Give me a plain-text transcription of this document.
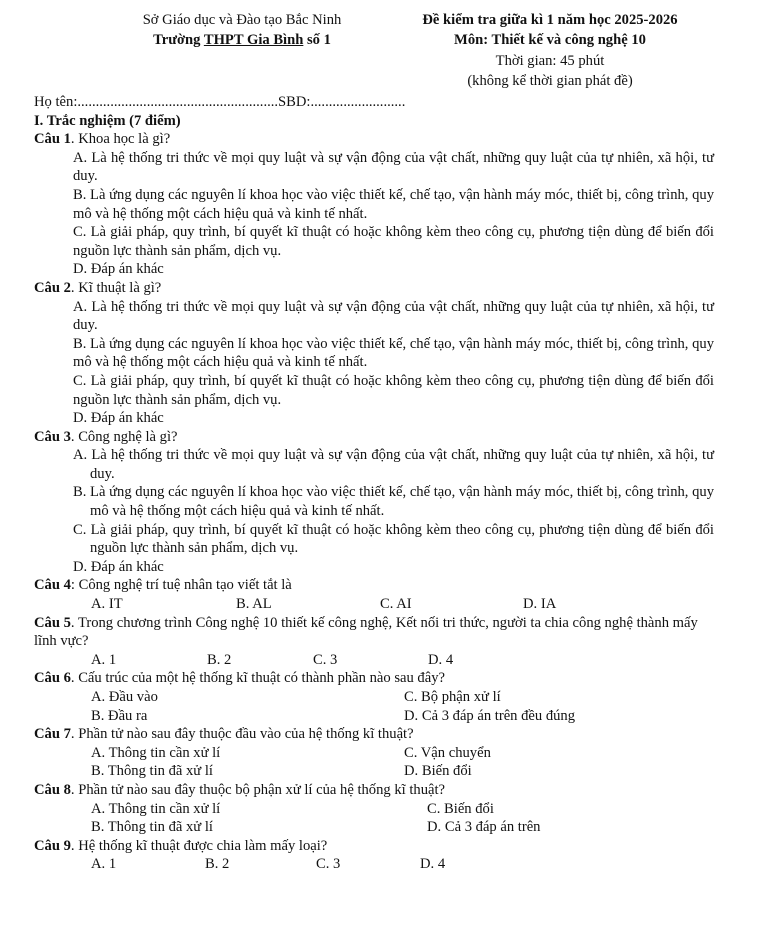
Sở Giáo dục và Đào tạo Bắc Ninh
Trường THPT Gia Bình số 1
Đề kiểm tra giữa kì 1 năm học 2025-2026
Môn: Thiết kế và công nghệ 10
Thời gian: 45 phút
(không kể thời gian phát đề)
Họ tên:.......................................................SBD:..........................
I. Trắc nghiệm (7 điểm)
Câu 1. Khoa học là gì?
A. Là hệ thống tri thức về mọi quy luật và sự vận động của vật chất, những quy luật của tự nhiên, xã hội, tư duy.
B. Là ứng dụng các nguyên lí khoa học vào việc thiết kế, chế tạo, vận hành máy móc, thiết bị, công trình, quy mô và hệ thống một cách hiệu quả và kinh tế nhất.
C. Là giải pháp, quy trình, bí quyết kĩ thuật có hoặc không kèm theo công cụ, phương tiện dùng để biến đổi nguồn lực thành sản phẩm, dịch vụ.
D. Đáp án khác
Câu 2. Kĩ thuật là gì?
A. Là hệ thống tri thức về mọi quy luật và sự vận động của vật chất, những quy luật của tự nhiên, xã hội, tư duy.
B. Là ứng dụng các nguyên lí khoa học vào việc thiết kế, chế tạo, vận hành máy móc, thiết bị, công trình, quy mô và hệ thống một cách hiệu quả và kinh tế nhất.
C. Là giải pháp, quy trình, bí quyết kĩ thuật có hoặc không kèm theo công cụ, phương tiện dùng để biến đổi nguồn lực thành sản phẩm, dịch vụ.
D. Đáp án khác
Câu 3. Công nghệ là gì?
A. Là hệ thống tri thức về mọi quy luật và sự vận động của vật chất, những quy luật của tự nhiên, xã hội, tư duy.
B. Là ứng dụng các nguyên lí khoa học vào việc thiết kế, chế tạo, vận hành máy móc, thiết bị, công trình, quy mô và hệ thống một cách hiệu quả và kinh tế nhất.
C. Là giải pháp, quy trình, bí quyết kĩ thuật có hoặc không kèm theo công cụ, phương tiện dùng để biến đổi nguồn lực thành sản phẩm, dịch vụ.
D. Đáp án khác
Câu 4: Công nghệ trí tuệ nhân tạo viết tắt là
A. IT	B. AL	C. AI	D. IA
Câu 5. Trong chương trình Công nghệ 10 thiết kế công nghệ, Kết nối tri thức, người ta chia công nghệ thành mấy lĩnh vực?
A. 1	B. 2	C. 3	D. 4
Câu 6. Cấu trúc của một hệ thống kĩ thuật có thành phần nào sau đây?
A. Đầu vào	C. Bộ phận xử lí
B. Đầu ra	D. Cả 3 đáp án trên đều đúng
Câu 7. Phần tử nào sau đây thuộc đầu vào của hệ thống kĩ thuật?
A. Thông tin cần xử lí	C. Vận chuyển
B. Thông tin đã xử lí	D. Biến đổi
Câu 8. Phần tử nào sau đây thuộc bộ phận xử lí của hệ thống kĩ thuật?
A. Thông tin cần xử lí	C. Biến đổi
B. Thông tin đã xử lí	D. Cả 3 đáp án trên
Câu 9. Hệ thống kĩ thuật được chia làm mấy loại?
A. 1	B. 2	C. 3	D. 4
